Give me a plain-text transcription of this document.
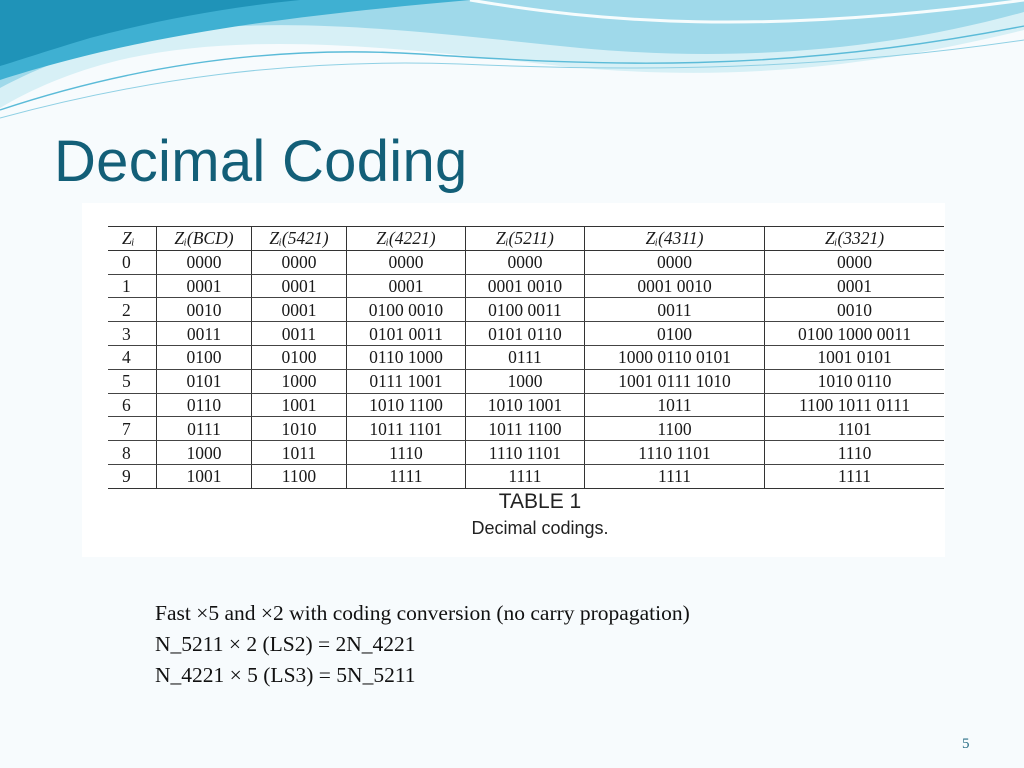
Decimal Coding
Zᵢ	Zᵢ(BCD)	Zᵢ(5421)	Zᵢ(4221)	Zᵢ(5211)	Zᵢ(4311)	Zᵢ(3321)
0	0000	0000	0000	0000	0000	0000
1	0001	0001	0001	0001 0010	0001 0010	0001
2	0010	0001	0100 0010	0100 0011	0011	0010
3	0011	0011	0101 0011	0101 0110	0100	0100 1000 0011
4	0100	0100	0110 1000	0111	1000 0110 0101	1001 0101
5	0101	1000	0111 1001	1000	1001 0111 1010	1010 0110
6	0110	1001	1010 1100	1010 1001	1011	1100 1011 0111
7	0111	1010	1011 1101	1011 1100	1100	1101
8	1000	1011	1110	1110 1101	1110 1101	1110
9	1001	1100	1111	1111	1111	1111
TABLE 1
Decimal codings.
Fast ×5 and ×2 with coding conversion (no carry propagation)
N_5211 × 2 (LS2) = 2N_4221
N_4221 × 5 (LS3) = 5N_5211
5
